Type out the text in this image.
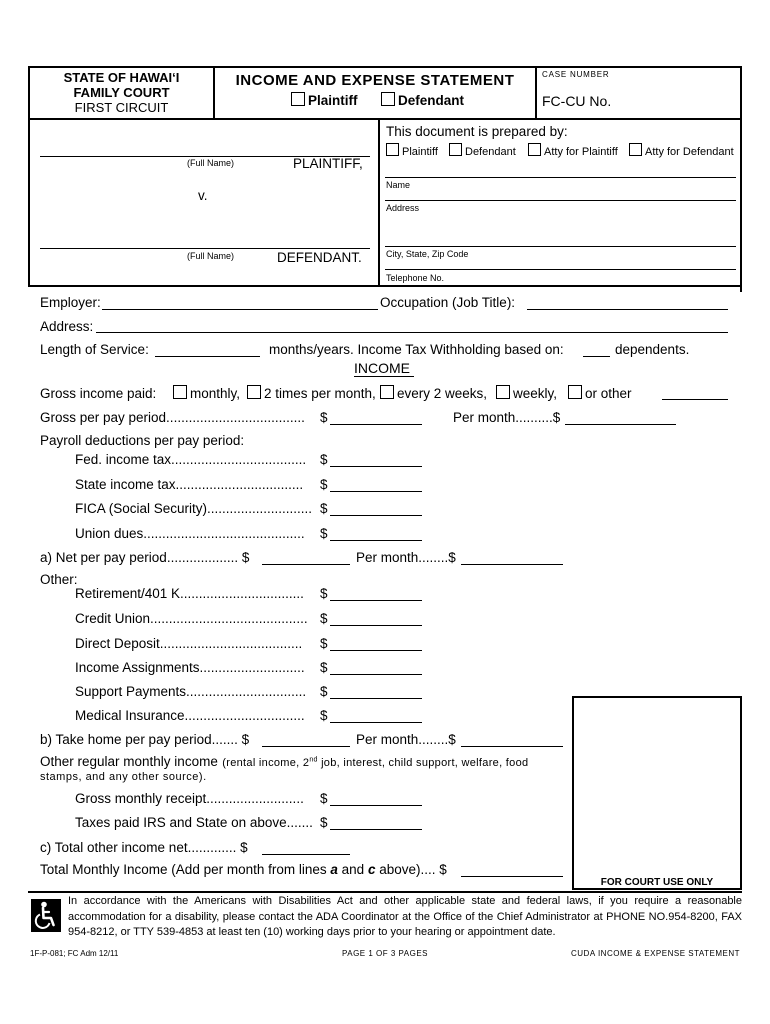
STATE OF HAWAI‘I
FAMILY COURT
FIRST CIRCUIT
INCOME AND EXPENSE STATEMENT
Plaintiff	Defendant
CASE NUMBER
FC-CU No.
(Full Name)	PLAINTIFF,
v.
(Full Name)	DEFENDANT.
This document is prepared by:
Plaintiff	Defendant	Atty for Plaintiff	Atty for Defendant
Name
Address
City, State, Zip Code
Telephone No.
Employer:	Occupation (Job Title):
Address:
Length of Service:	months/years. Income Tax Withholding based on:	dependents.
INCOME
Gross income paid:	monthly,	2 times per month,	every 2 weeks,	weekly,	or other
Gross per pay period..................................... $	Per month..........$
Payroll deductions per pay period:
Fed. income tax.................................... $
State income tax.................................. $
FICA (Social Security)............................ $
Union dues........................................... $
a) Net per pay period................... $	Per month........$
Other:
Retirement/401 K................................. $
Credit Union.......................................... $
Direct Deposit...................................... $
Income Assignments............................ $
Support Payments................................ $
Medical Insurance................................ $
b) Take home per pay period....... $	Per month........$
Other regular monthly income (rental income, 2nd job, interest, child support, welfare, food
stamps, and any other source).
Gross monthly receipt.......................... $
Taxes paid IRS and State on above....... $
c) Total other income net............. $
Total Monthly Income (Add per month from lines a and c above).... $
FOR COURT USE ONLY
In accordance with the Americans with Disabilities Act and other applicable state and federal laws, if you require a reasonable accommodation for a disability, please contact the ADA Coordinator at the Office of the Chief Administrator at PHONE NO.954-8200, FAX 954-8212, or TTY 539-4853 at least ten (10) working days prior to your hearing or appointment date.
1F-P-081; FC Adm 12/11	PAGE 1 OF 3 PAGES	CUDA INCOME & EXPENSE STATEMENT
